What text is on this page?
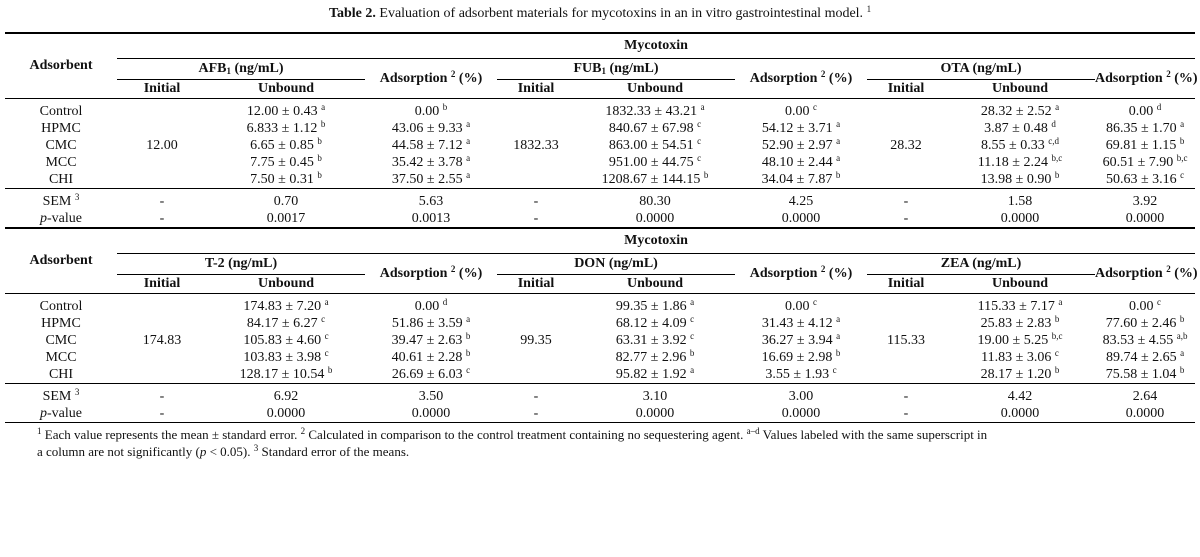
Table 2. Evaluation of adsorbent materials for mycotoxins in an in vitro gastrointestinal model. $^1$
Adsorbent	Mycotoxin								
	$AFB_1$ (ng/mL)		Adsorption $^2$ (%)	$FUB_1$ (ng/mL)		Adsorption $^2$ (%)	OTA (ng/mL)		Adsorption $^2$ (%)
	Initial	Unbound		Initial	Unbound		Initial	Unbound	
Control	12.00	12.00 ± 0.43 $^a$	0.00 $^b$	1832.33	1832.33 ± 43.21 $^a$	0.00 $^c$	28.32	28.32 ± 2.52 $^a$	0.00 $^d$
HPMC		6.833 ± 1.12 $^b$	43.06 ± 9.33 $^a$		840.67 ± 67.98 $^c$	54.12 ± 3.71 $^a$		3.87 ± 0.48 $^d$	86.35 ± 1.70 $^a$
CMC		6.65 ± 0.85 $^b$	44.58 ± 7.12 $^a$		863.00 ± 54.51 $^c$	52.90 ± 2.97 $^a$		8.55 ± 0.33 $^{c,d}$	69.81 ± 1.15 $^b$
MCC		7.75 ± 0.45 $^b$	35.42 ± 3.78 $^a$		951.00 ± 44.75 $^c$	48.10 ± 2.44 $^a$		11.18 ± 2.24 $^{b,c}$	60.51 ± 7.90 $^{b,c}$
CHI		7.50 ± 0.31 $^b$	37.50 ± 2.55 $^a$		1208.67 ± 144.15 $^b$	34.04 ± 7.87 $^b$		13.98 ± 0.90 $^b$	50.63 ± 3.16 $^c$
SEM $^3$	-	0.70	5.63	-	80.30	4.25	-	1.58	3.92
p-value	-	0.0017	0.0013	-	0.0000	0.0000	-	0.0000	0.0000
Adsorbent	Mycotoxin								
	T-2 (ng/mL)		Adsorption $^2$ (%)	DON (ng/mL)		Adsorption $^2$ (%)	ZEA (ng/mL)		Adsorption $^2$ (%)
	Initial	Unbound		Initial	Unbound		Initial	Unbound	
Control	174.83	174.83 ± 7.20 $^a$	0.00 $^d$	99.35	99.35 ± 1.86 $^a$	0.00 $^c$	115.33	115.33 ± 7.17 $^a$	0.00 $^c$
HPMC		84.17 ± 6.27 $^c$	51.86 ± 3.59 $^a$		68.12 ± 4.09 $^c$	31.43 ± 4.12 $^a$		25.83 ± 2.83 $^b$	77.60 ± 2.46 $^b$
CMC		105.83 ± 4.60 $^c$	39.47 ± 2.63 $^b$		63.31 ± 3.92 $^c$	36.27 ± 3.94 $^a$		19.00 ± 5.25 $^{b,c}$	83.53 ± 4.55 $^{a,b}$
MCC		103.83 ± 3.98 $^c$	40.61 ± 2.28 $^b$		82.77 ± 2.96 $^b$	16.69 ± 2.98 $^b$		11.83 ± 3.06 $^c$	89.74 ± 2.65 $^a$
CHI		128.17 ± 10.54 $^b$	26.69 ± 6.03 $^c$		95.82 ± 1.92 $^a$	3.55 ± 1.93 $^c$		28.17 ± 1.20 $^b$	75.58 ± 1.04 $^b$
SEM $^3$	-	6.92	3.50	-	3.10	3.00	-	4.42	2.64
p-value	-	0.0000	0.0000	-	0.0000	0.0000	-	0.0000	0.0000
$^1$ Each value represents the mean ± standard error. $^2$ Calculated in comparison to the control treatment containing no sequestering agent. $^{a-d}$ Values labeled with the same superscript in
a column are not significantly (p < 0.05). $^3$ Standard error of the means.
